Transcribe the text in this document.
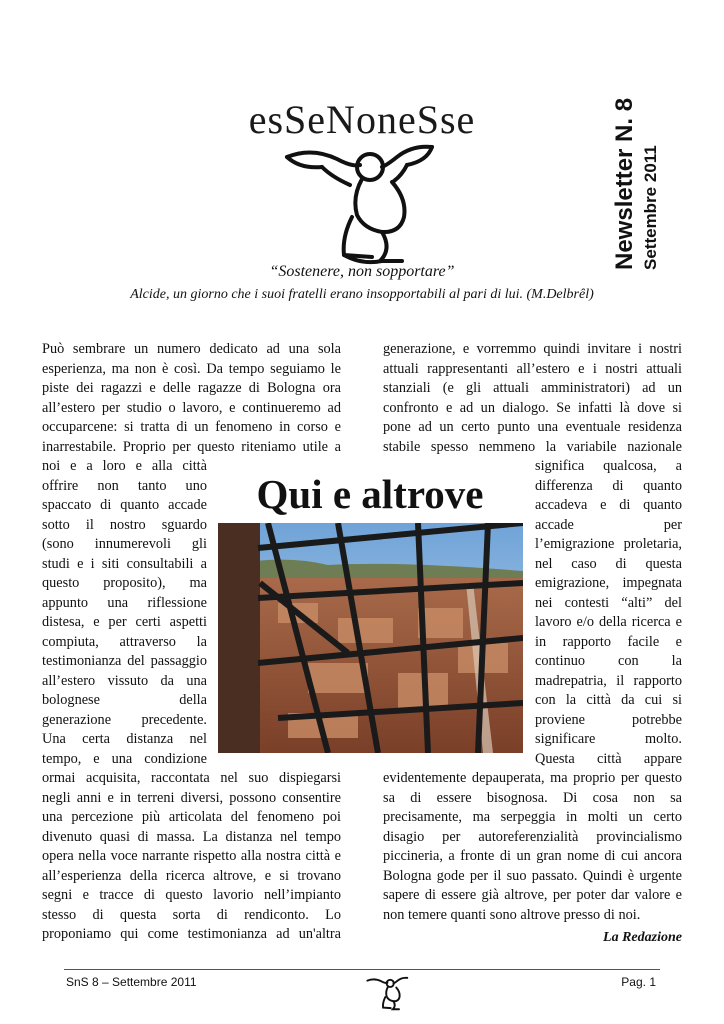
esSeNoneSse
“Sostenere, non sopportare”
Alcide, un giorno che i suoi fratelli erano insopportabili al pari di lui. (M.Delbrêl)
Newsletter N. 8 Settembre 2011
Può sembrare un numero dedicato ad una sola
esperienza, ma non è così. Da tempo seguiamo le
piste dei ragazzi e delle ragazze di Bologna ora
all’estero per studio o lavoro, e continueremo ad
occuparcene: si tratta di un fenomeno in corso e
inarrestabile. Proprio per questo riteniamo utile a
noi e a loro e alla città
offrire non tanto uno
spaccato di quanto accade
sotto il nostro sguardo
(sono innumerevoli gli
studi e i siti consultabili a
questo proposito), ma
appunto una riflessione
distesa, e per certi aspetti
compiuta, attraverso la
testimonianza del passaggio
all’estero vissuto da una
bolognese della
generazione precedente.
Una certa distanza nel
tempo, e una condizione
ormai acquisita, raccontata nel suo dispiegarsi
negli anni e in terreni diversi, possono consentire
una percezione più articolata del fenomeno poi
divenuto quasi di massa. La distanza nel tempo
opera nella voce narrante rispetto alla nostra città e
all’esperienza della ricerca altrove, e si trovano
segni e tracce di questo lavorio nell’impianto
stesso di questa sorta di rendiconto. Lo
proponiamo qui come testimonianza ad un'altra
generazione, e vorremmo quindi invitare i nostri
attuali rappresentanti all’estero e i nostri attuali
stanziali (e gli attuali amministratori) ad un
confronto e ad un dialogo. Se infatti là dove si
pone ad un certo punto una eventuale residenza
stabile spesso nemmeno la variabile nazionale
significa qualcosa, a
differenza di quanto
accadeva e di quanto
accade per
l’emigrazione proletaria,
nel caso di questa
emigrazione, impegnata
nei contesti “alti” del
lavoro e/o della ricerca e
in rapporto facile e
continuo con la
madrepatria, il rapporto
con la città da cui si
proviene potrebbe
significare molto.
Questa città appare
evidentemente depauperata, ma proprio per questo
sa di essere bisognosa. Di cosa non sa
precisamente, ma serpeggia in molti un certo
disagio per autoreferenzialità provincialismo
piccineria, a fronte di un gran nome di cui ancora
Bologna gode per il suo passato. Quindi è urgente
sapere di essere già altrove, per poter dar valore e
non temere quanti sono altrove presso di noi.
Qui e altrove
La Redazione
SnS 8 – Settembre 2011	Pag. 1
